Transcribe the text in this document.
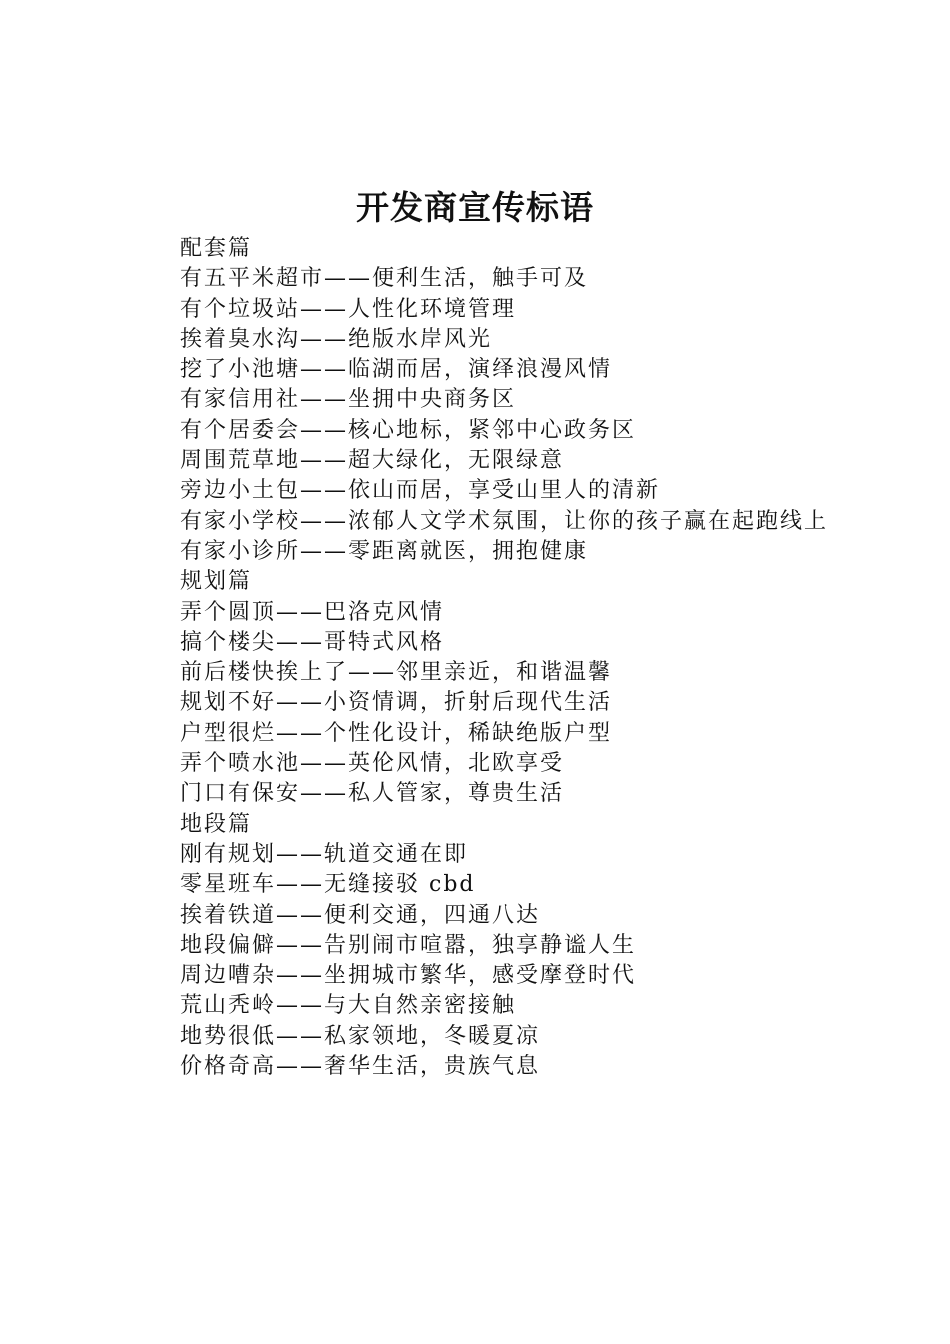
开发商宣传标语
配套篇
有五平米超市——便利生活，触手可及
有个垃圾站——人性化环境管理
挨着臭水沟——绝版水岸风光
挖了小池塘——临湖而居，演绎浪漫风情
有家信用社——坐拥中央商务区
有个居委会——核心地标，紧邻中心政务区
周围荒草地——超大绿化，无限绿意
旁边小土包——依山而居，享受山里人的清新
有家小学校——浓郁人文学术氛围，让你的孩子赢在起跑线上
有家小诊所——零距离就医，拥抱健康
规划篇
弄个圆顶——巴洛克风情
搞个楼尖——哥特式风格
前后楼快挨上了——邻里亲近，和谐温馨
规划不好——小资情调，折射后现代生活
户型很烂——个性化设计，稀缺绝版户型
弄个喷水池——英伦风情，北欧享受
门口有保安——私人管家，尊贵生活
地段篇
刚有规划——轨道交通在即
零星班车——无缝接驳 cbd
挨着铁道——便利交通，四通八达
地段偏僻——告别闹市喧嚣，独享静谧人生
周边嘈杂——坐拥城市繁华，感受摩登时代
荒山秃岭——与大自然亲密接触
地势很低——私家领地，冬暖夏凉
价格奇高——奢华生活，贵族气息
